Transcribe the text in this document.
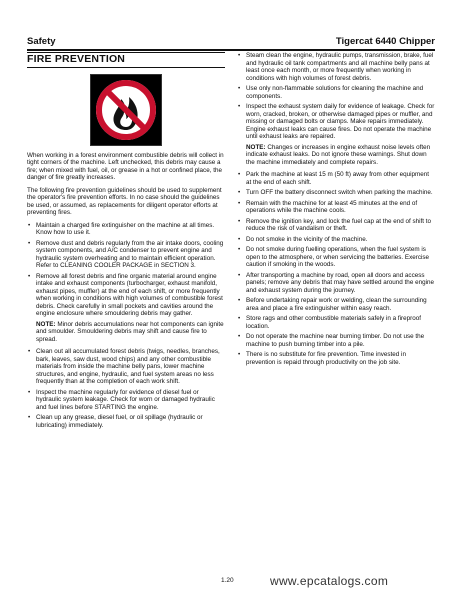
Safety	Tigercat 6440 Chipper
FIRE PREVENTION

When working in a forest environment combustible debris will collect in tight corners of the machine. Left unchecked, this debris may cause a fire; when mixed with fuel, oil, or grease in a hot or confined place, the danger of fire greatly increases.

The following fire prevention guidelines should be used to supplement the operator's fire prevention efforts. In no case should the guidelines be used, or assumed, as replacements for diligent operator efforts at preventing fires.

• Maintain a charged fire extinguisher on the machine at all times. Know how to use it.
• Remove dust and debris regularly from the air intake doors, cooling system components, and A/C condenser to prevent engine and hydraulic system overheating and to maintain efficient operation. Refer to CLEANING COOLER PACKAGE in SECTION 3.
• Remove all forest debris and fine organic material around engine intake and exhaust components (turbocharger, exhaust manifold, exhaust pipes, muffler) at the end of each shift, or more frequently when working in conditions with high volumes of combustible forest debris. Check carefully in small pockets and cavities around the engine enclosure where smouldering debris may gather.

NOTE: Minor debris accumulations near hot components can ignite and smoulder. Smouldering debris may shift and cause fire to spread.

• Clean out all accumulated forest debris (twigs, needles, branches, bark, leaves, saw dust, wood chips) and any other combustible materials from inside the machine belly pans, lower machine structures, and engine, hydraulic, and fuel system areas no less frequently than at the completion of each work shift.
• Inspect the machine regularly for evidence of diesel fuel or hydraulic system leakage. Check for worn or damaged hydraulic and fuel lines before STARTING the engine.
• Clean up any grease, diesel fuel, or oil spillage (hydraulic or lubricating) immediately.
• Steam clean the engine, hydraulic pumps, transmission, brake, fuel and hydraulic oil tank compartments and all machine belly pans at least once each month, or more frequently when working in conditions with high volumes of forest debris.
• Use only non-flammable solutions for cleaning the machine and components.
• Inspect the exhaust system daily for evidence of leakage. Check for worn, cracked, broken, or otherwise damaged pipes or muffler, and missing or damaged bolts or clamps. Make repairs immediately. Engine exhaust leaks can cause fires. Do not operate the machine until exhaust leaks are repaired.

NOTE: Changes or increases in engine exhaust noise levels often indicate exhaust leaks. Do not ignore these warnings. Shut down the machine immediately and complete repairs.

• Park the machine at least 15 m (50 ft) away from other equipment at the end of each shift.
• Turn OFF the battery disconnect switch when parking the machine.
• Remain with the machine for at least 45 minutes at the end of operations while the machine cools.
• Remove the ignition key, and lock the fuel cap at the end of shift to reduce the risk of vandalism or theft.
• Do not smoke in the vicinity of the machine.
• Do not smoke during fuelling operations, when the fuel system is open to the atmosphere, or when servicing the batteries. Exercise caution if smoking in the woods.
• After transporting a machine by road, open all doors and access panels; remove any debris that may have settled around the engine and exhaust system during the journey.
• Before undertaking repair work or welding, clean the surrounding area and place a fire extinguisher within easy reach.
• Store rags and other combustible materials safely in a fireproof location.
• Do not operate the machine near burning timber. Do not use the machine to push burning timber into a pile.
• There is no substitute for fire prevention. Time invested in prevention is repaid through productivity on the job site.
1.20	www.epcatalogs.com
